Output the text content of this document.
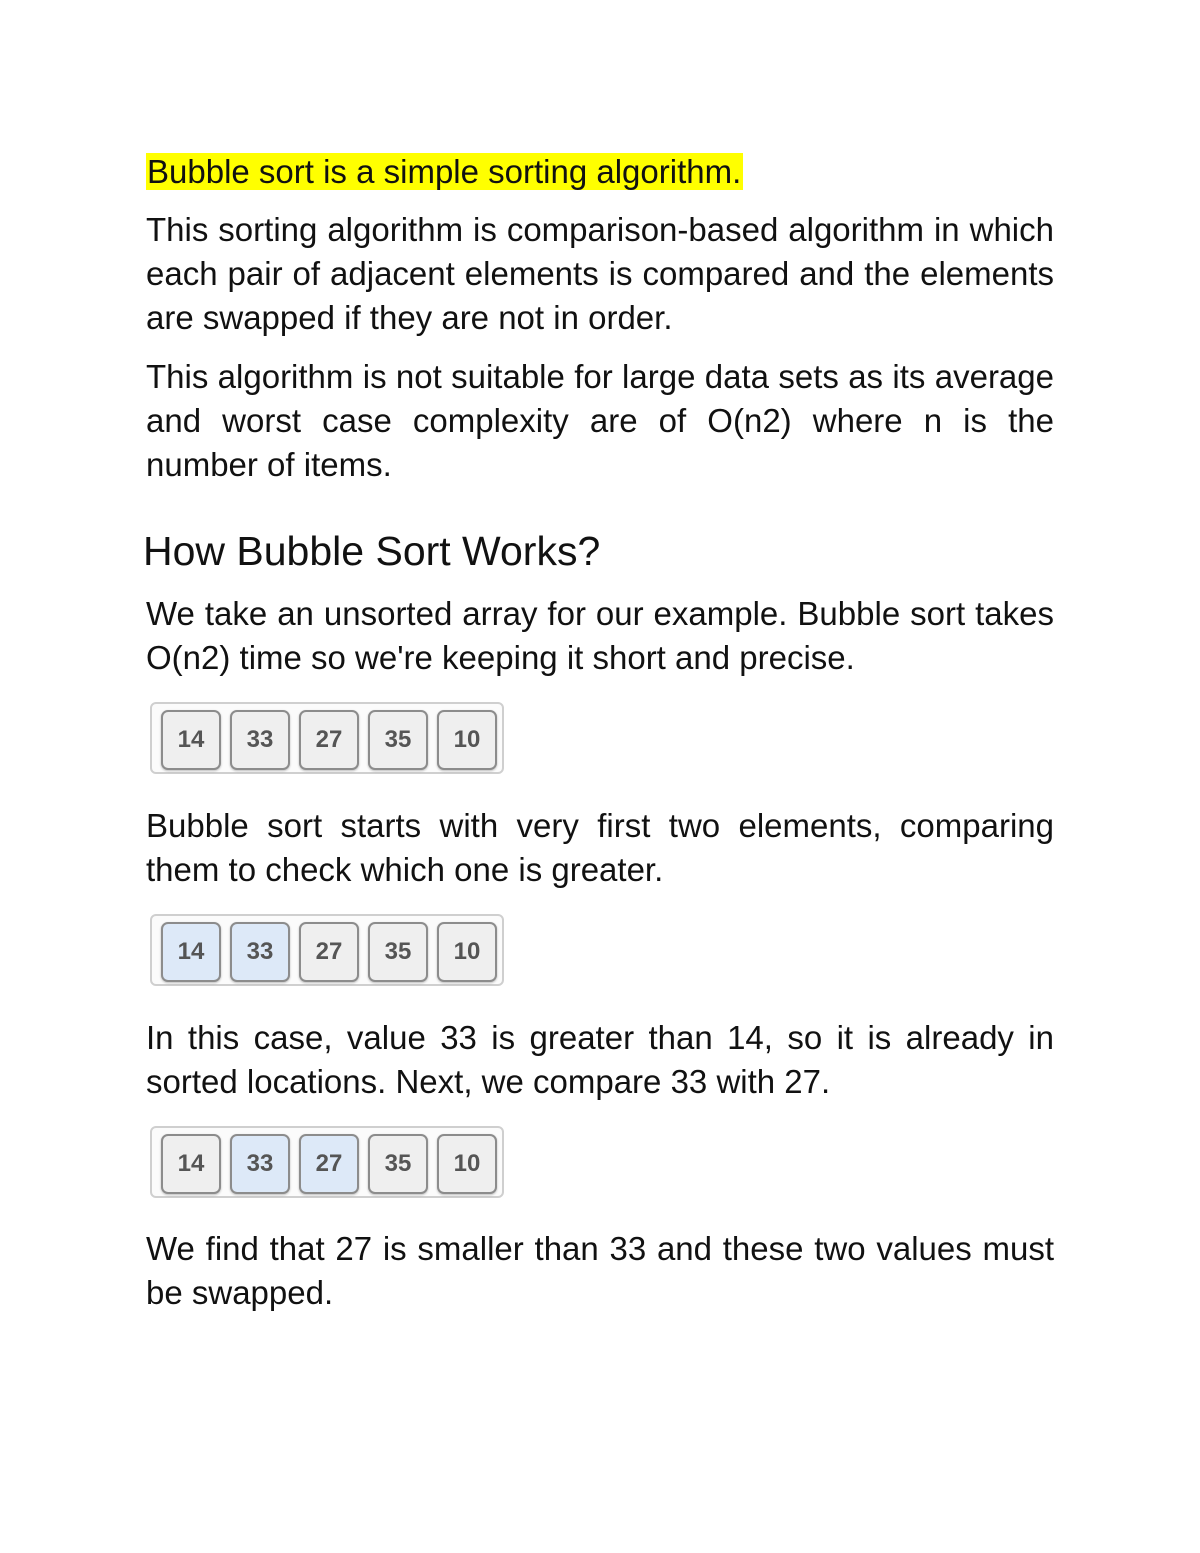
Bubble sort is a simple sorting algorithm.

This sorting algorithm is comparison-based algorithm in which each pair of adjacent elements is compared and the elements are swapped if they are not in order.

This algorithm is not suitable for large data sets as its average and worst case complexity are of O(n2) where n is the number of items.

How Bubble Sort Works?

We take an unsorted array for our example. Bubble sort takes O(n2) time so we're keeping it short and precise.

14	33	27	35	10

Bubble sort starts with very first two elements, comparing them to check which one is greater.

14	33	27	35	10

In this case, value 33 is greater than 14, so it is already in sorted locations. Next, we compare 33 with 27.

14	33	27	35	10

We find that 27 is smaller than 33 and these two values must be swapped.
